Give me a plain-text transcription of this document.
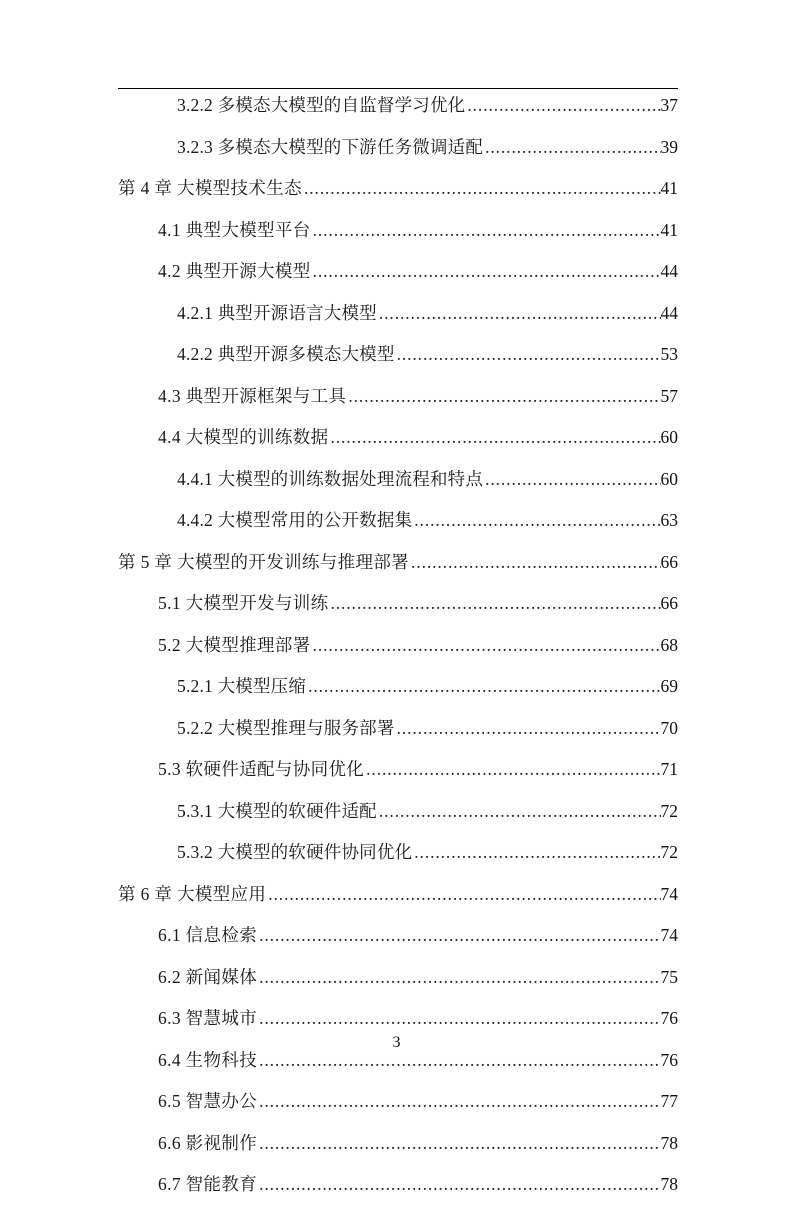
3.2.2 多模态大模型的自监督学习优化 .....	37
3.2.3 多模态大模型的下游任务微调适配 .....	39
第 4 章 大模型技术生态 .....	41
4.1 典型大模型平台 .....	41
4.2 典型开源大模型 .....	44
4.2.1 典型开源语言大模型 .....	44
4.2.2 典型开源多模态大模型 .....	53
4.3 典型开源框架与工具 .....	57
4.4 大模型的训练数据 .....	60
4.4.1 大模型的训练数据处理流程和特点 .....	60
4.4.2 大模型常用的公开数据集 .....	63
第 5 章 大模型的开发训练与推理部署 .....	66
5.1 大模型开发与训练 .....	66
5.2 大模型推理部署 .....	68
5.2.1 大模型压缩 .....	69
5.2.2 大模型推理与服务部署 .....	70
5.3 软硬件适配与协同优化 .....	71
5.3.1 大模型的软硬件适配 .....	72
5.3.2 大模型的软硬件协同优化 .....	72
第 6 章 大模型应用 .....	74
6.1 信息检索 .....	74
6.2 新闻媒体 .....	75
6.3 智慧城市 .....	76
6.4 生物科技 .....	76
6.5 智慧办公 .....	77
6.6 影视制作 .....	78
6.7 智能教育 .....	78
3
